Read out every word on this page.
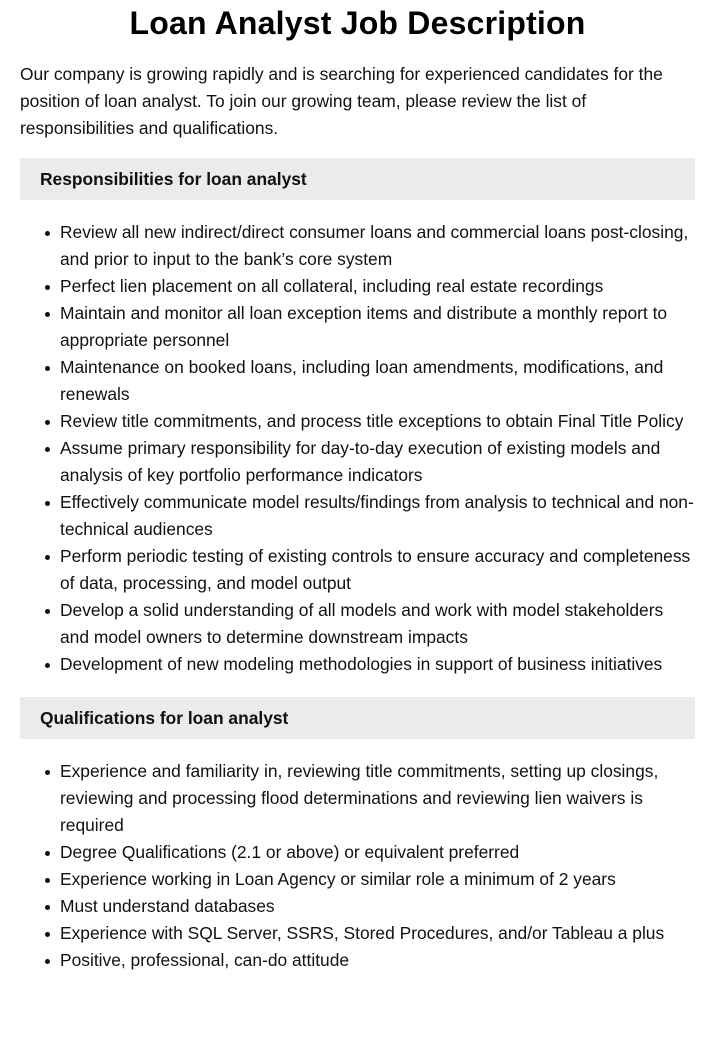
Loan Analyst Job Description

Our company is growing rapidly and is searching for experienced candidates for the position of loan analyst. To join our growing team, please review the list of responsibilities and qualifications.

Responsibilities for loan analyst
Review all new indirect/direct consumer loans and commercial loans post-closing, and prior to input to the bank’s core system
Perfect lien placement on all collateral, including real estate recordings
Maintain and monitor all loan exception items and distribute a monthly report to appropriate personnel
Maintenance on booked loans, including loan amendments, modifications, and renewals
Review title commitments, and process title exceptions to obtain Final Title Policy
Assume primary responsibility for day-to-day execution of existing models and analysis of key portfolio performance indicators
Effectively communicate model results/findings from analysis to technical and non-technical audiences
Perform periodic testing of existing controls to ensure accuracy and completeness of data, processing, and model output
Develop a solid understanding of all models and work with model stakeholders and model owners to determine downstream impacts
Development of new modeling methodologies in support of business initiatives
Qualifications for loan analyst
Experience and familiarity in, reviewing title commitments, setting up closings, reviewing and processing flood determinations and reviewing lien waivers is required
Degree Qualifications (2.1 or above) or equivalent preferred
Experience working in Loan Agency or similar role a minimum of 2 years
Must understand databases
Experience with SQL Server, SSRS, Stored Procedures, and/or Tableau a plus
Positive, professional, can-do attitude
